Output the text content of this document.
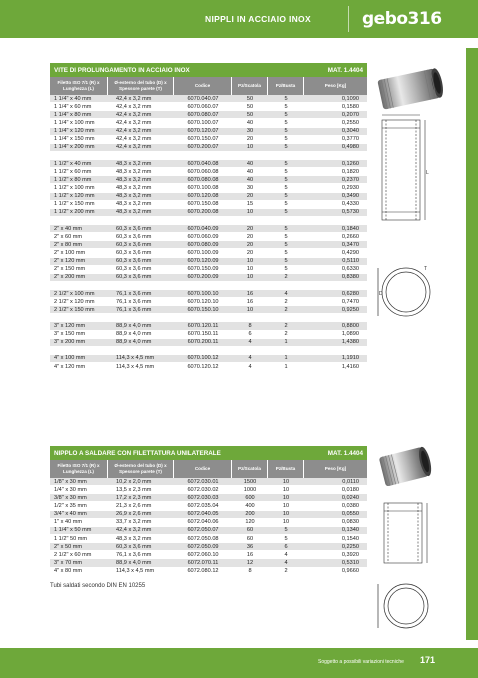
NIPPLI IN ACCIAIO INOX	gebo316
VITE DI PROLUNGAMENTO IN ACCIAIO INOX	MAT. 1.4404
Filetto ISO 7/1 (R) x Lunghezza (L)
Ø-esterno del tubo (D) x Spessore parete (T)
Codice	Pz/Scatola	Pz/Busta	Peso [Kg]
1 1/4" x 40 mm	42,4 x 3,2 mm	6070.040.07	50	5	0,1090
1 1/4" x 60 mm	42,4 x 3,2 mm	6070.060.07	50	5	0,1580
1 1/4" x 80 mm	42,4 x 3,2 mm	6070.080.07	50	5	0,2070
1 1/4" x 100 mm	42,4 x 3,2 mm	6070.100.07	40	5	0,2550
1 1/4" x 120 mm	42,4 x 3,2 mm	6070.120.07	30	5	0,3040
1 1/4" x 150 mm	42,4 x 3,2 mm	6070.150.07	20	5	0,3770
1 1/4" x 200 mm	42,4 x 3,2 mm	6070.200.07	10	5	0,4980
1 1/2" x 40 mm	48,3 x 3,2 mm	6070.040.08	40	5	0,1260
1 1/2" x 60 mm	48,3 x 3,2 mm	6070.060.08	40	5	0,1820
1 1/2" x 80 mm	48,3 x 3,2 mm	6070.080.08	40	5	0,2370
1 1/2" x 100 mm	48,3 x 3,2 mm	6070.100.08	30	5	0,2930
1 1/2" x 120 mm	48,3 x 3,2 mm	6070.120.08	20	5	0,3490
1 1/2" x 150 mm	48,3 x 3,2 mm	6070.150.08	15	5	0,4330
1 1/2" x 200 mm	48,3 x 3,2 mm	6070.200.08	10	5	0,5730
2" x 40 mm	60,3 x 3,6 mm	6070.040.09	20	5	0,1840
2" x 60 mm	60,3 x 3,6 mm	6070.060.09	20	5	0,2660
2" x 80 mm	60,3 x 3,6 mm	6070.080.09	20	5	0,3470
2" x 100 mm	60,3 x 3,6 mm	6070.100.09	20	5	0,4290
2" x 120 mm	60,3 x 3,6 mm	6070.120.09	10	5	0,5110
2" x 150 mm	60,3 x 3,6 mm	6070.150.09	10	5	0,6330
2" x 200 mm	60,3 x 3,6 mm	6070.200.09	10	2	0,8380
2 1/2" x 100 mm	76,1 x 3,6 mm	6070.100.10	16	4	0,6280
2 1/2" x 120 mm	76,1 x 3,6 mm	6070.120.10	16	2	0,7470
2 1/2" x 150 mm	76,1 x 3,6 mm	6070.150.10	10	2	0,9250
3" x 120 mm	88,9 x 4,0 mm	6070.120.11	8	2	0,8800
3" x 150 mm	88,9 x 4,0 mm	6070.150.11	6	2	1,0890
3" x 200 mm	88,9 x 4,0 mm	6070.200.11	4	1	1,4380
4" x 100 mm	114,3 x 4,5 mm	6070.100.12	4	1	1,1910
4" x 120 mm	114,3 x 4,5 mm	6070.120.12	4	1	1,4160
NIPPLO A SALDARE CON FILETTATURA UNILATERALE	MAT. 1.4404
Filetto ISO 7/1 (R) x Lunghezza (L)
Ø-esterno del tubo (D) x Spessore parete (T)
Codice	Pz/Scatola	Pz/Busta	Peso [Kg]
1/8" x 30 mm	10,2 x 2,0 mm	6072.030.01	1500	10	0,0110
1/4" x 30 mm	13,5 x 2,3 mm	6072.030.02	1000	10	0,0180
3/8" x 30 mm	17,2 x 2,3 mm	6072.030.03	600	10	0,0240
1/2" x 35 mm	21,3 x 2,6 mm	6072.035.04	400	10	0,0380
3/4" x 40 mm	26,9 x 2,6 mm	6072.040.05	200	10	0,0550
1" x 40 mm	33,7 x 3,2 mm	6072.040.06	120	10	0,0830
1 1/4" x 50 mm	42,4 x 3,2 mm	6072.050.07	60	5	0,1340
1 1/2" 50 mm	48,3 x 3,2 mm	6072.050.08	60	5	0,1540
2" x 50 mm	60,3 x 3,6 mm	6072.050.09	36	6	0,2250
2 1/2" x 60 mm	76,1 x 3,6 mm	6072.060.10	16	4	0,3920
3" x 70 mm	88,9 x 4,0 mm	6072.070.11	12	4	0,5310
4" x 80 mm	114,3 x 4,5 mm	6072.080.12	8	2	0,9660
Tubi saldati secondo DIN EN 10255
L
D
T
Soggetto a possibili variazioni tecniche 171
